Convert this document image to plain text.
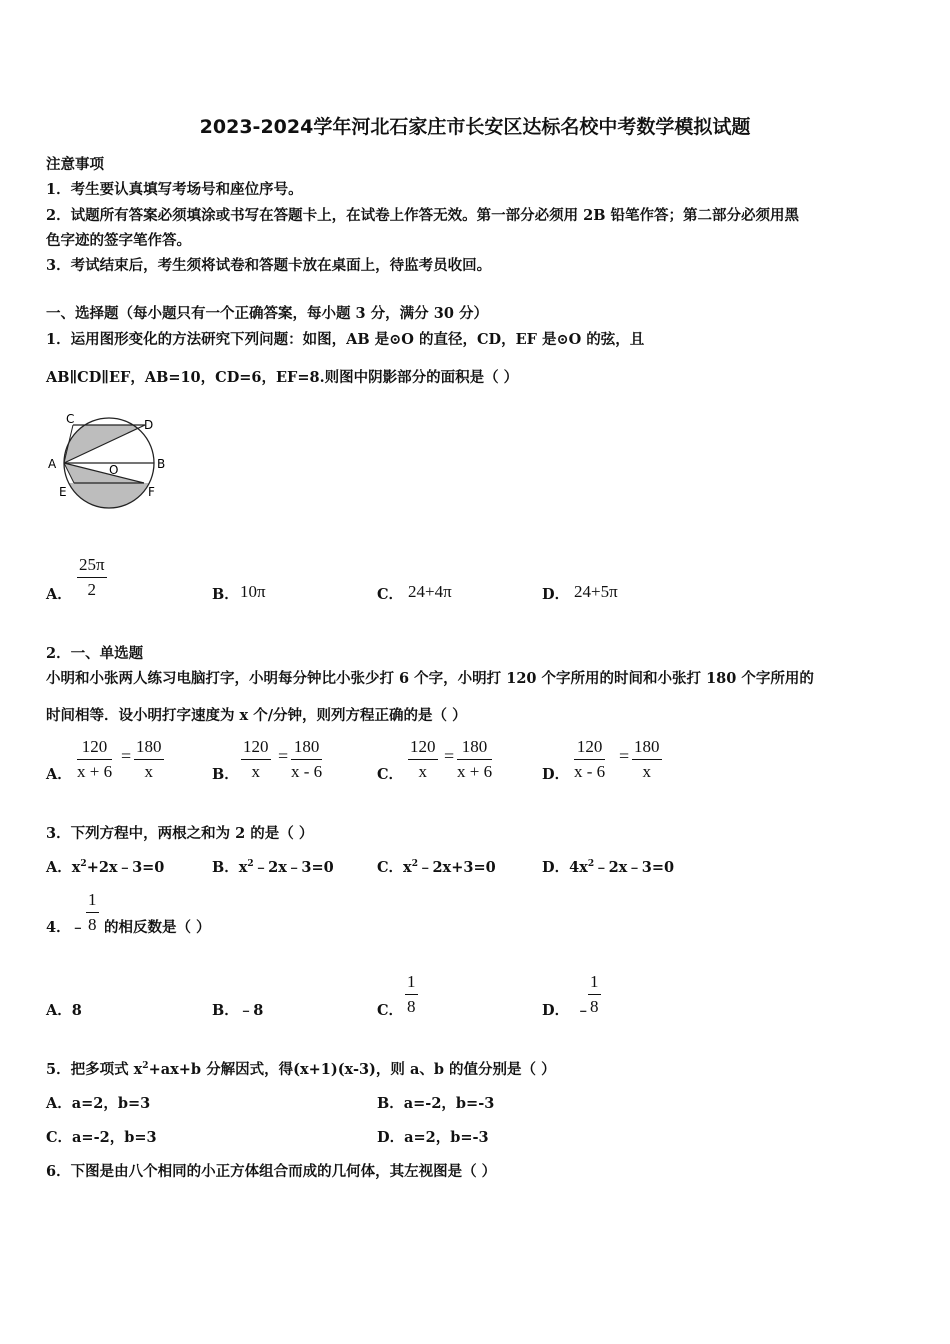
2023-2024学年河北石家庄市长安区达标名校中考数学模拟试题
注意事项
1．考生要认真填写考场号和座位序号。
2．试题所有答案必须填涂或书写在答题卡上，在试卷上作答无效。第一部分必须用 2B 铅笔作答；第二部分必须用黑
色字迹的签字笔作答。
3．考试结束后，考生须将试卷和答题卡放在桌面上，待监考员收回。
一、选择题（每小题只有一个正确答案，每小题 3 分，满分 30 分）
1．运用图形变化的方法研究下列问题：如图，AB 是⊙O 的直径，CD，EF 是⊙O 的弦，且
AB∥CD∥EF，AB=10，CD=6，EF=8.则图中阴影部分的面积是（ ）
C	D
A	O	B
E	F
A． $\frac{25\pi}{2}$	B． 10π	C． 24+4π	D． 24+5π
2．一、单选题
小明和小张两人练习电脑打字，小明每分钟比小张少打 6 个字，小明打 120 个字所用的时间和小张打 180 个字所用的
时间相等．设小明打字速度为 x 个/分钟，则列方程正确的是（ ）
A． $\frac{120}{x + 6} = \frac{180}{x}$	B． $\frac{120}{x} = \frac{180}{x - 6}$	C． $\frac{120}{x} = \frac{180}{x + 6}$	D． $\frac{120}{x - 6} = \frac{180}{x}$
3．下列方程中，两根之和为 2 的是（ ）
A．$x^2+2x﹣3=0$	B．$x^2﹣2x﹣3=0$	C．$x^2﹣2x+3=0$	D．$4x^2﹣2x﹣3=0$
4．﹣ $\frac{1}{8}$ 的相反数是（ ）
A．8	B．﹣8	C． $\frac{1}{8}$	D． ﹣
$\frac{1}{8}$
5．把多项式 $x^2+ax+b$ 分解因式，得(x+1)(x-3)，则 a、b 的值分别是（ ）
A．a=2，b=3	B．a=-2，b=-3
C．a=-2，b=3	D．a=2，b=-3
6．下图是由八个相同的小正方体组合而成的几何体，其左视图是（ ）
